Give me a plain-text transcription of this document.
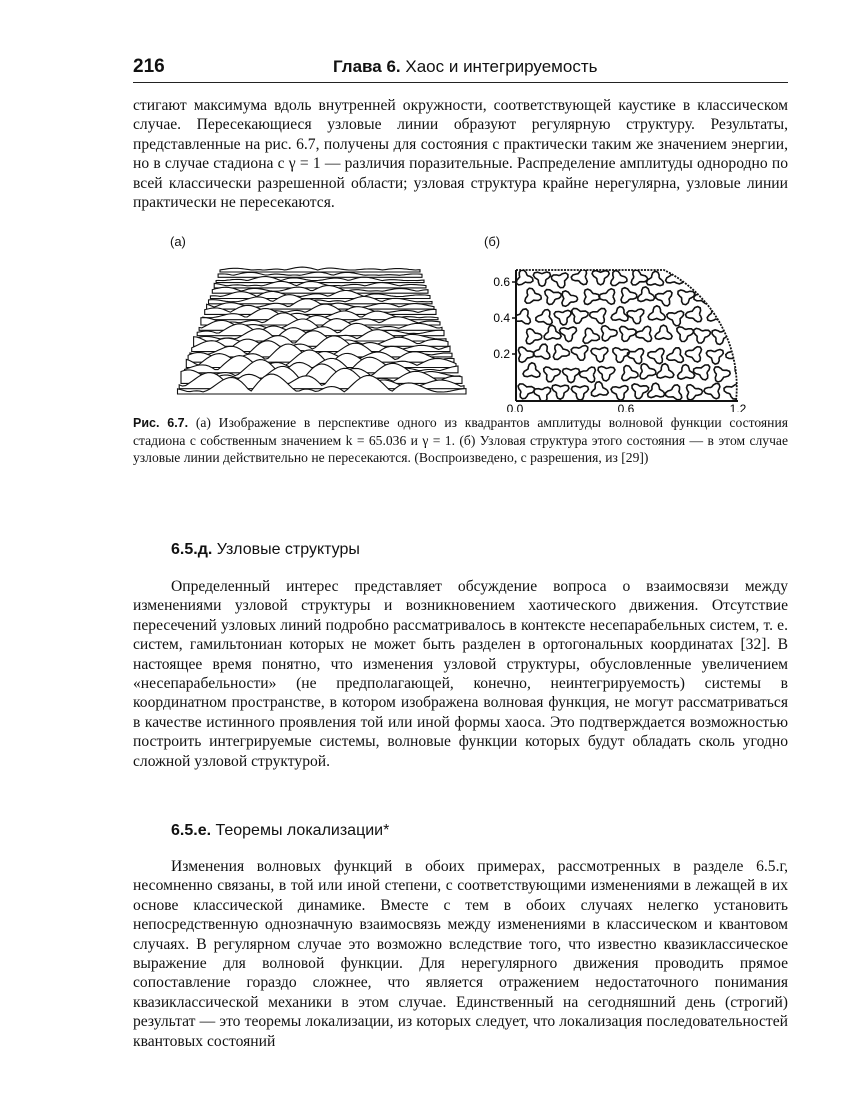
216	Глава 6. Хаос и интегрируемость

стигают максимума вдоль внутренней окружности, соответствующей каустике в классическом случае. Пересекающиеся узловые линии образуют регулярную структуру. Результаты, представленные на рис. 6.7, получены для состояния с практически таким же значением энергии, но в случае стадиона с γ = 1 — различия поразительные. Распределение амплитуды однородно по всей классически разрешенной области; узловая структура крайне нерегулярна, узловые линии практически не пересекаются.

(а)	(б)
0.6
0.4
0.2
0.0	0.6	1.2

Рис. 6.7. (а) Изображение в перспективе одного из квадрантов амплитуды волновой функции состояния стадиона с собственным значением k = 65.036 и γ = 1. (б) Узловая структура этого состояния — в этом случае узловые линии действительно не пересекаются. (Воспроизведено, с разрешения, из [29])

6.5.д. Узловые структуры

Определенный интерес представляет обсуждение вопроса о взаимосвязи между изменениями узловой структуры и возникновением хаотического движения. Отсутствие пересечений узловых линий подробно рассматривалось в контексте несепарабельных систем, т. е. систем, гамильтониан которых не может быть разделен в ортогональных координатах [32]. В настоящее время понятно, что изменения узловой структуры, обусловленные увеличением «несепарабельности» (не предполагающей, конечно, неинтегрируемость) системы в координатном пространстве, в котором изображена волновая функция, не могут рассматриваться в качестве истинного проявления той или иной формы хаоса. Это подтверждается возможностью построить интегрируемые системы, волновые функции которых будут обладать сколь угодно сложной узловой структурой.

6.5.е. Теоремы локализации*

Изменения волновых функций в обоих примерах, рассмотренных в разделе 6.5.г, несомненно связаны, в той или иной степени, с соответствующими изменениями в лежащей в их основе классической динамике. Вместе с тем в обоих случаях нелегко установить непосредственную однозначную взаимосвязь между изменениями в классическом и квантовом случаях. В регулярном случае это возможно вследствие того, что известно квазиклассическое выражение для волновой функции. Для нерегулярного движения проводить прямое сопоставление гораздо сложнее, что является отражением недостаточного понимания квазиклассической механики в этом случае. Единственный на сегодняшний день (строгий) результат — это теоремы локализации, из которых следует, что локализация последовательностей квантовых состояний
